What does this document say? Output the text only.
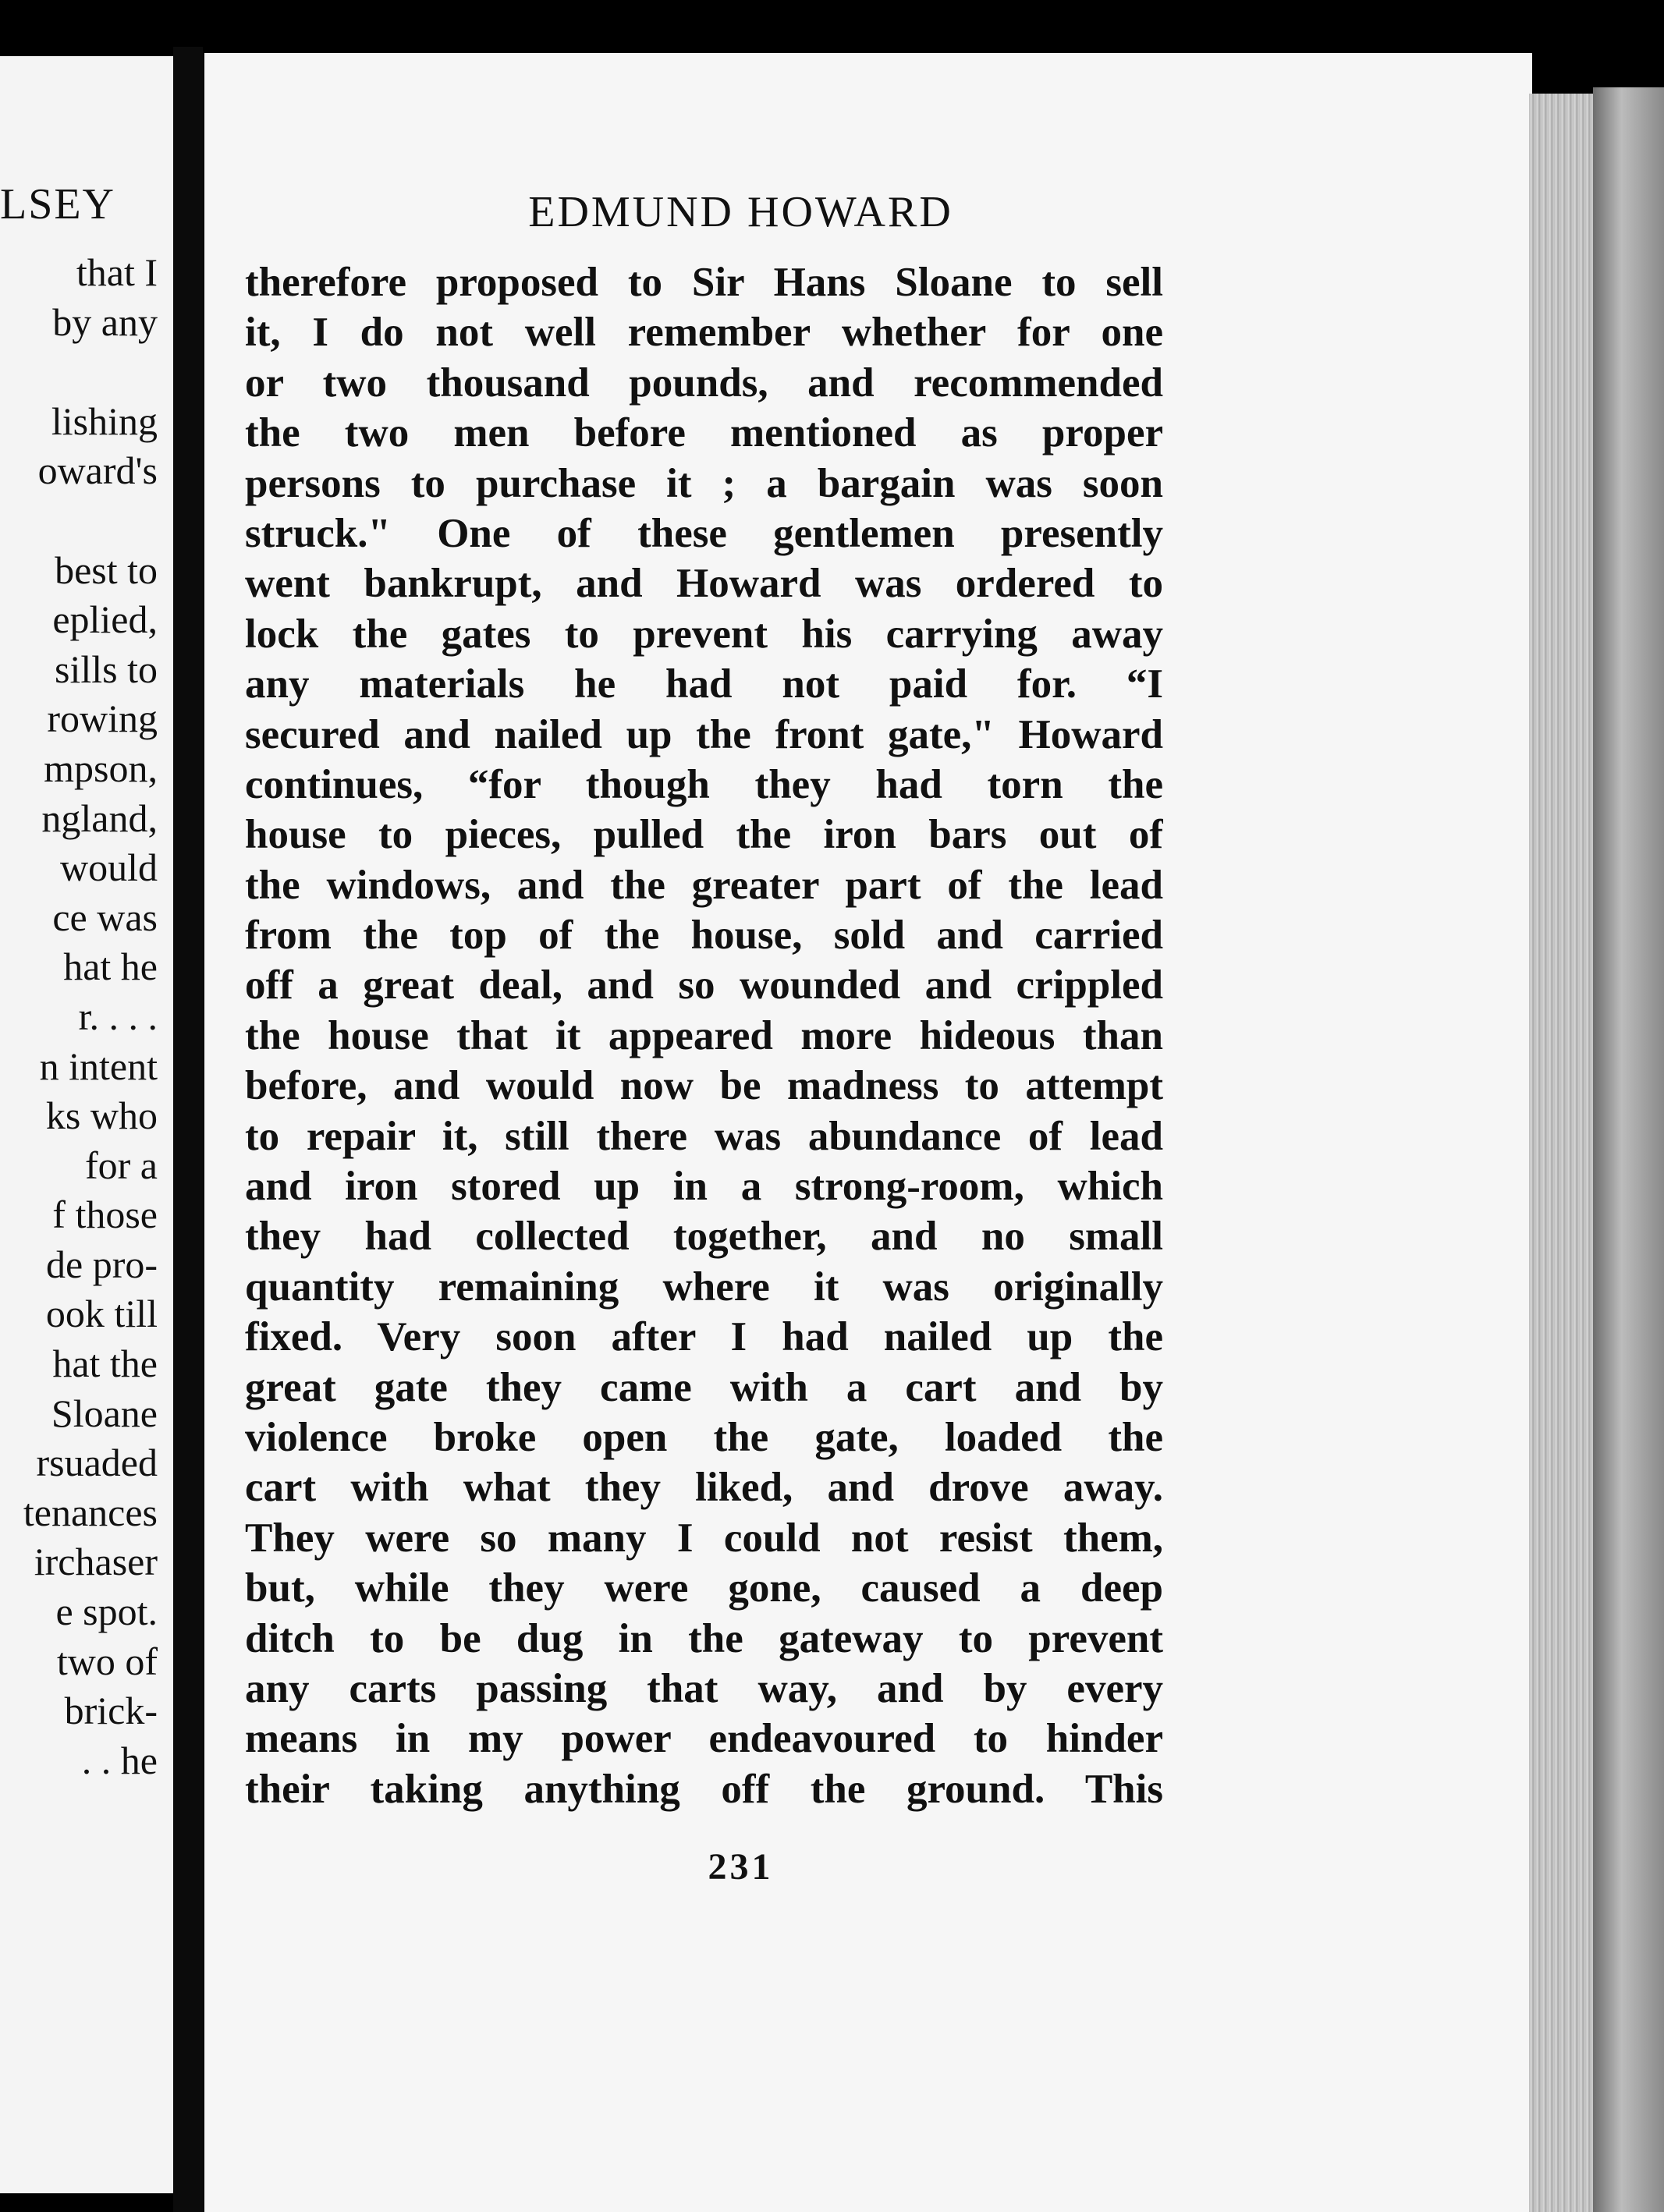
LSEY
that I
by any
lishing
oward's
best to
eplied,
sills to
rowing
mpson,
ngland,
would
ce was
hat he
r. . . .
n intent
ks who
for a
f those
de pro-
ook till
hat the
Sloane
rsuaded
tenances
irchaser
e spot.
two of
brick-
. . he
EDMUND HOWARD
therefore proposed to Sir Hans Sloane to sell
it, I do not well remember whether for one
or two thousand pounds, and recommended
the two men before mentioned as proper
persons to purchase it ; a bargain was soon
struck." One of these gentlemen presently
went bankrupt, and Howard was ordered to
lock the gates to prevent his carrying away
any materials he had not paid for. “I
secured and nailed up the front gate," Howard
continues, “for though they had torn the
house to pieces, pulled the iron bars out of
the windows, and the greater part of the lead
from the top of the house, sold and carried
off a great deal, and so wounded and crippled
the house that it appeared more hideous than
before, and would now be madness to attempt
to repair it, still there was abundance of lead
and iron stored up in a strong-room, which
they had collected together, and no small
quantity remaining where it was originally
fixed. Very soon after I had nailed up the
great gate they came with a cart and by
violence broke open the gate, loaded the
cart with what they liked, and drove away.
They were so many I could not resist them,
but, while they were gone, caused a deep
ditch to be dug in the gateway to prevent
any carts passing that way, and by every
means in my power endeavoured to hinder
their taking anything off the ground. This
231
